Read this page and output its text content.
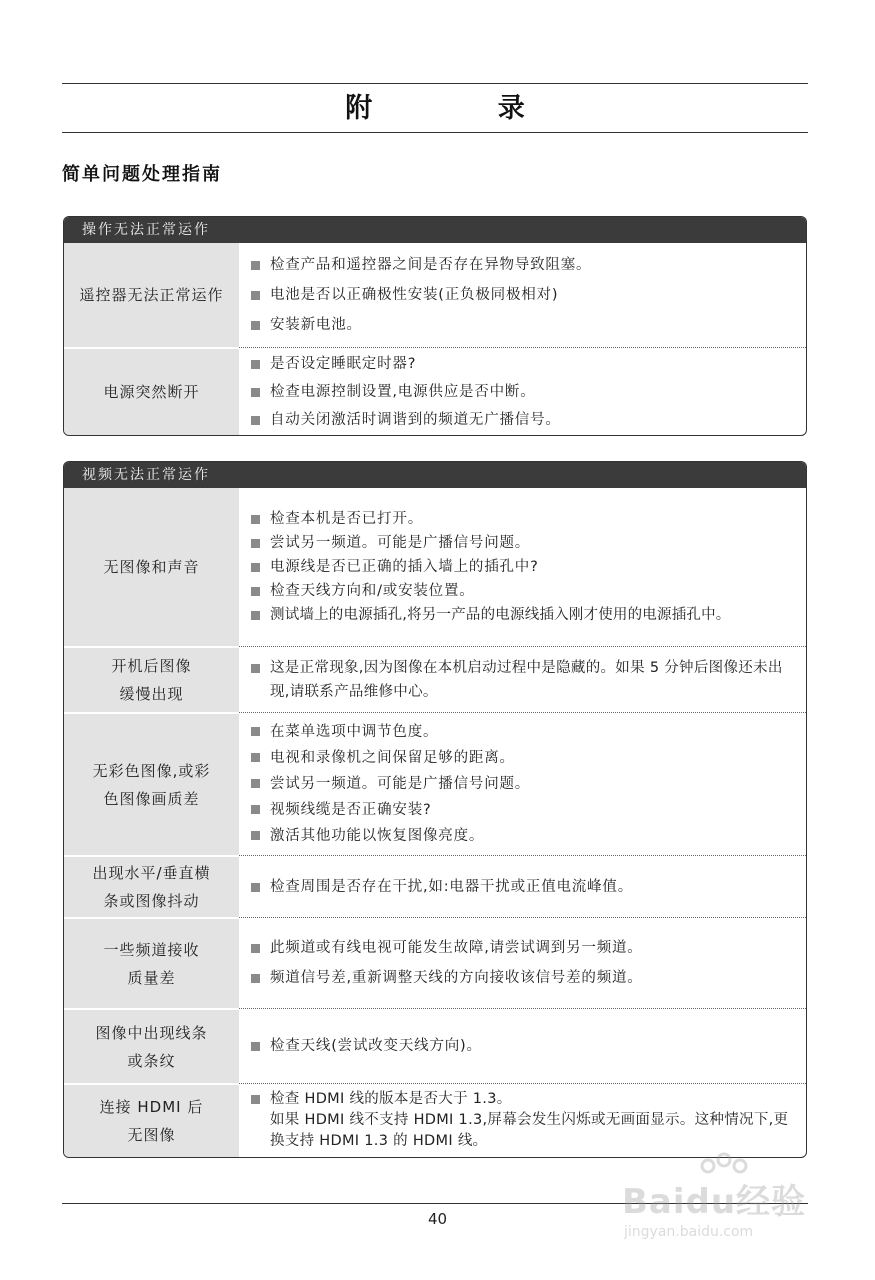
附 录
简单问题处理指南
操作无法正常运作
遥控器无法正常运作
检查产品和遥控器之间是否存在异物导致阻塞。
电池是否以正确极性安装(正负极同极相对)
安装新电池。
电源突然断开
是否设定睡眠定时器?
检查电源控制设置,电源供应是否中断。
自动关闭激活时调谐到的频道无广播信号。
视频无法正常运作
无图像和声音
检查本机是否已打开。
尝试另一频道。可能是广播信号问题。
电源线是否已正确的插入墙上的插孔中?
检查天线方向和/或安装位置。
测试墙上的电源插孔,将另一产品的电源线插入刚才使用的电源插孔中。
开机后图像
缓慢出现
这是正常现象,因为图像在本机启动过程中是隐藏的。如果 5 分钟后图像还未出现,请联系产品维修中心。
无彩色图像,或彩
色图像画质差
在菜单选项中调节色度。
电视和录像机之间保留足够的距离。
尝试另一频道。可能是广播信号问题。
视频线缆是否正确安装?
激活其他功能以恢复图像亮度。
出现水平/垂直横
条或图像抖动
检查周围是否存在干扰,如:电器干扰或正值电流峰值。
一些频道接收
质量差
此频道或有线电视可能发生故障,请尝试调到另一频道。
频道信号差,重新调整天线的方向接收该信号差的频道。
图像中出现线条
或条纹
检查天线(尝试改变天线方向)。
连接 HDMI 后
无图像
检查 HDMI 线的版本是否大于 1.3。
如果 HDMI 线不支持 HDMI 1.3,屏幕会发生闪烁或无画面显示。这种情况下,更换支持 HDMI 1.3 的 HDMI 线。
40	Baidu经验
jingyan.baidu.com
